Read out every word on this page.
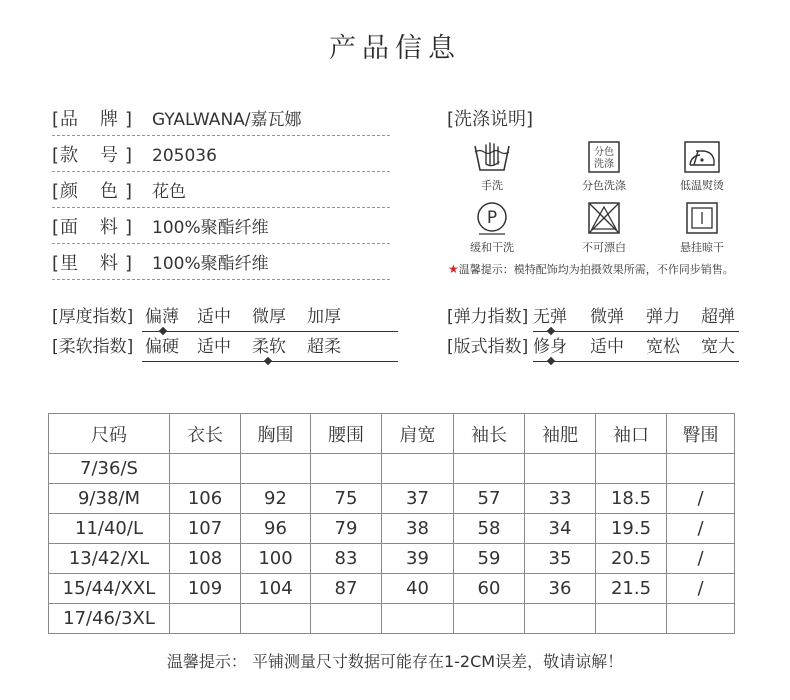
产品信息
[ 品 牌 ] GYALWANA/嘉瓦娜
[ 款 号 ] 205036
[ 颜 色 ] 花色
[ 面 料 ] 100%聚酯纤维
[ 里 料 ] 100%聚酯纤维
[洗涤说明]
手洗
分色
洗涤
分色洗涤	低温熨烫
P
缓和干洗	不可漂白	悬挂晾干
★温馨提示：模特配饰均为拍摄效果所需，不作同步销售。
[厚度指数] 偏薄 适中 微厚 加厚
[柔软指数] 偏硬 适中 柔软 超柔
[弹力指数] 无弹 微弹 弹力 超弹
[版式指数] 修身 适中 宽松 宽大
尺码	衣长	胸围	腰围	肩宽	袖长	袖肥	袖口	臀围
7/36/S								
9/38/M	106	92	75	37	57	33	18.5	/
11/40/L	107	96	79	38	58	34	19.5	/
13/42/XL	108	100	83	39	59	35	20.5	/
15/44/XXL	109	104	87	40	60	36	21.5	/
17/46/3XL								
温馨提示： 平铺测量尺寸数据可能存在1-2CM误差，敬请谅解！
